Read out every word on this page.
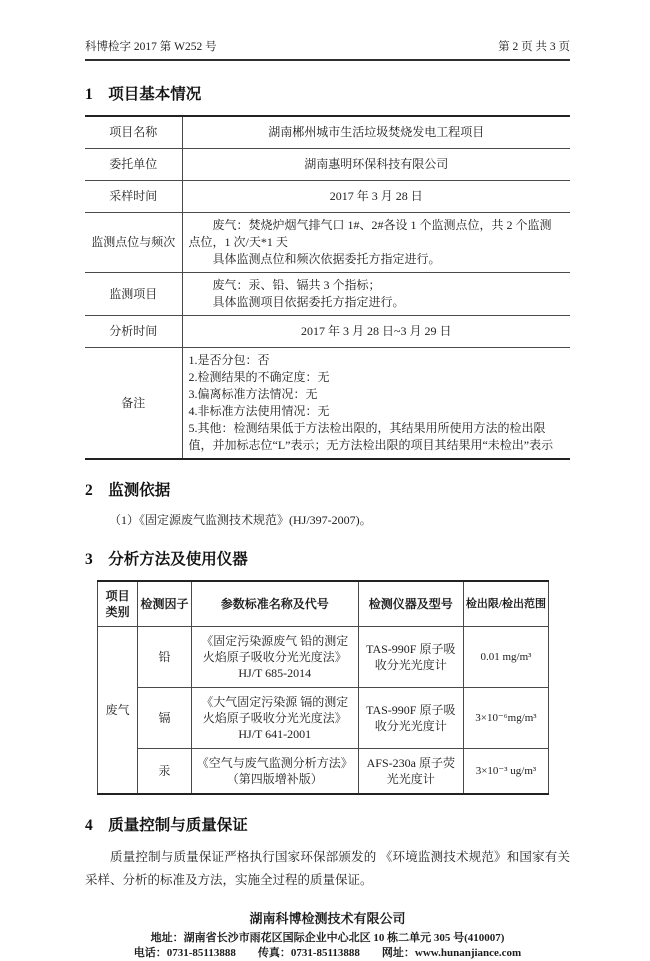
科博检字 2017 第 W252 号	第 2 页 共 3 页
1　项目基本情况
项目名称	湖南郴州城市生活垃圾焚烧发电工程项目
委托单位	湖南惠明环保科技有限公司
采样时间	2017 年 3 月 28 日
监测点位与频次	废气：焚烧炉烟气排气口 1#、2#各设 1 个监测点位，共 2 个监测点位，1 次/天*1 天
具体监测点位和频次依据委托方指定进行。

监测项目	废气：汞、铅、镉共 3 个指标；
具体监测项目依据委托方指定进行。

分析时间	2017 年 3 月 28 日~3 月 29 日
备注	1.是否分包：否
2.检测结果的不确定度：无
3.偏离标准方法情况：无
4.非标准方法使用情况：无
5.其他：检测结果低于方法检出限的，其结果用所使用方法的检出限值，并加标志位“L”表示；无方法检出限的项目其结果用“未检出”表示
2　监测依据
（1）《固定源废气监测技术规范》(HJ/397-2007)。
3　分析方法及使用仪器
项目类别	检测因子	参数标准名称及代号	检测仪器及型号	检出限/检出范围
废气	铅	《固定污染源废气 铅的测定 火焰原子吸收分光光度法》 HJ/T 685-2014	TAS-990F 原子吸收分光光度计	0.01 mg/m³
	镉	《大气固定污染源 镉的测定 火焰原子吸收分光光度法》HJ/T 641-2001	TAS-990F 原子吸收分光光度计	3×10⁻⁶mg/m³
	汞	《空气与废气监测分析方法》（第四版增补版）	AFS-230a 原子荧光光度计	3×10⁻³ ug/m³
4　质量控制与质量保证
质量控制与质量保证严格执行国家环保部颁发的 《环境监测技术规范》和国家有关采样、分析的标准及方法，实施全过程的质量保证。
湖南科博检测技术有限公司
地址：湖南省长沙市雨花区国际企业中心北区 10 栋二单元 305 号(410007)
电话：0731-85113888　　传真：0731-85113888　　网址：www.hunanjiance.com
